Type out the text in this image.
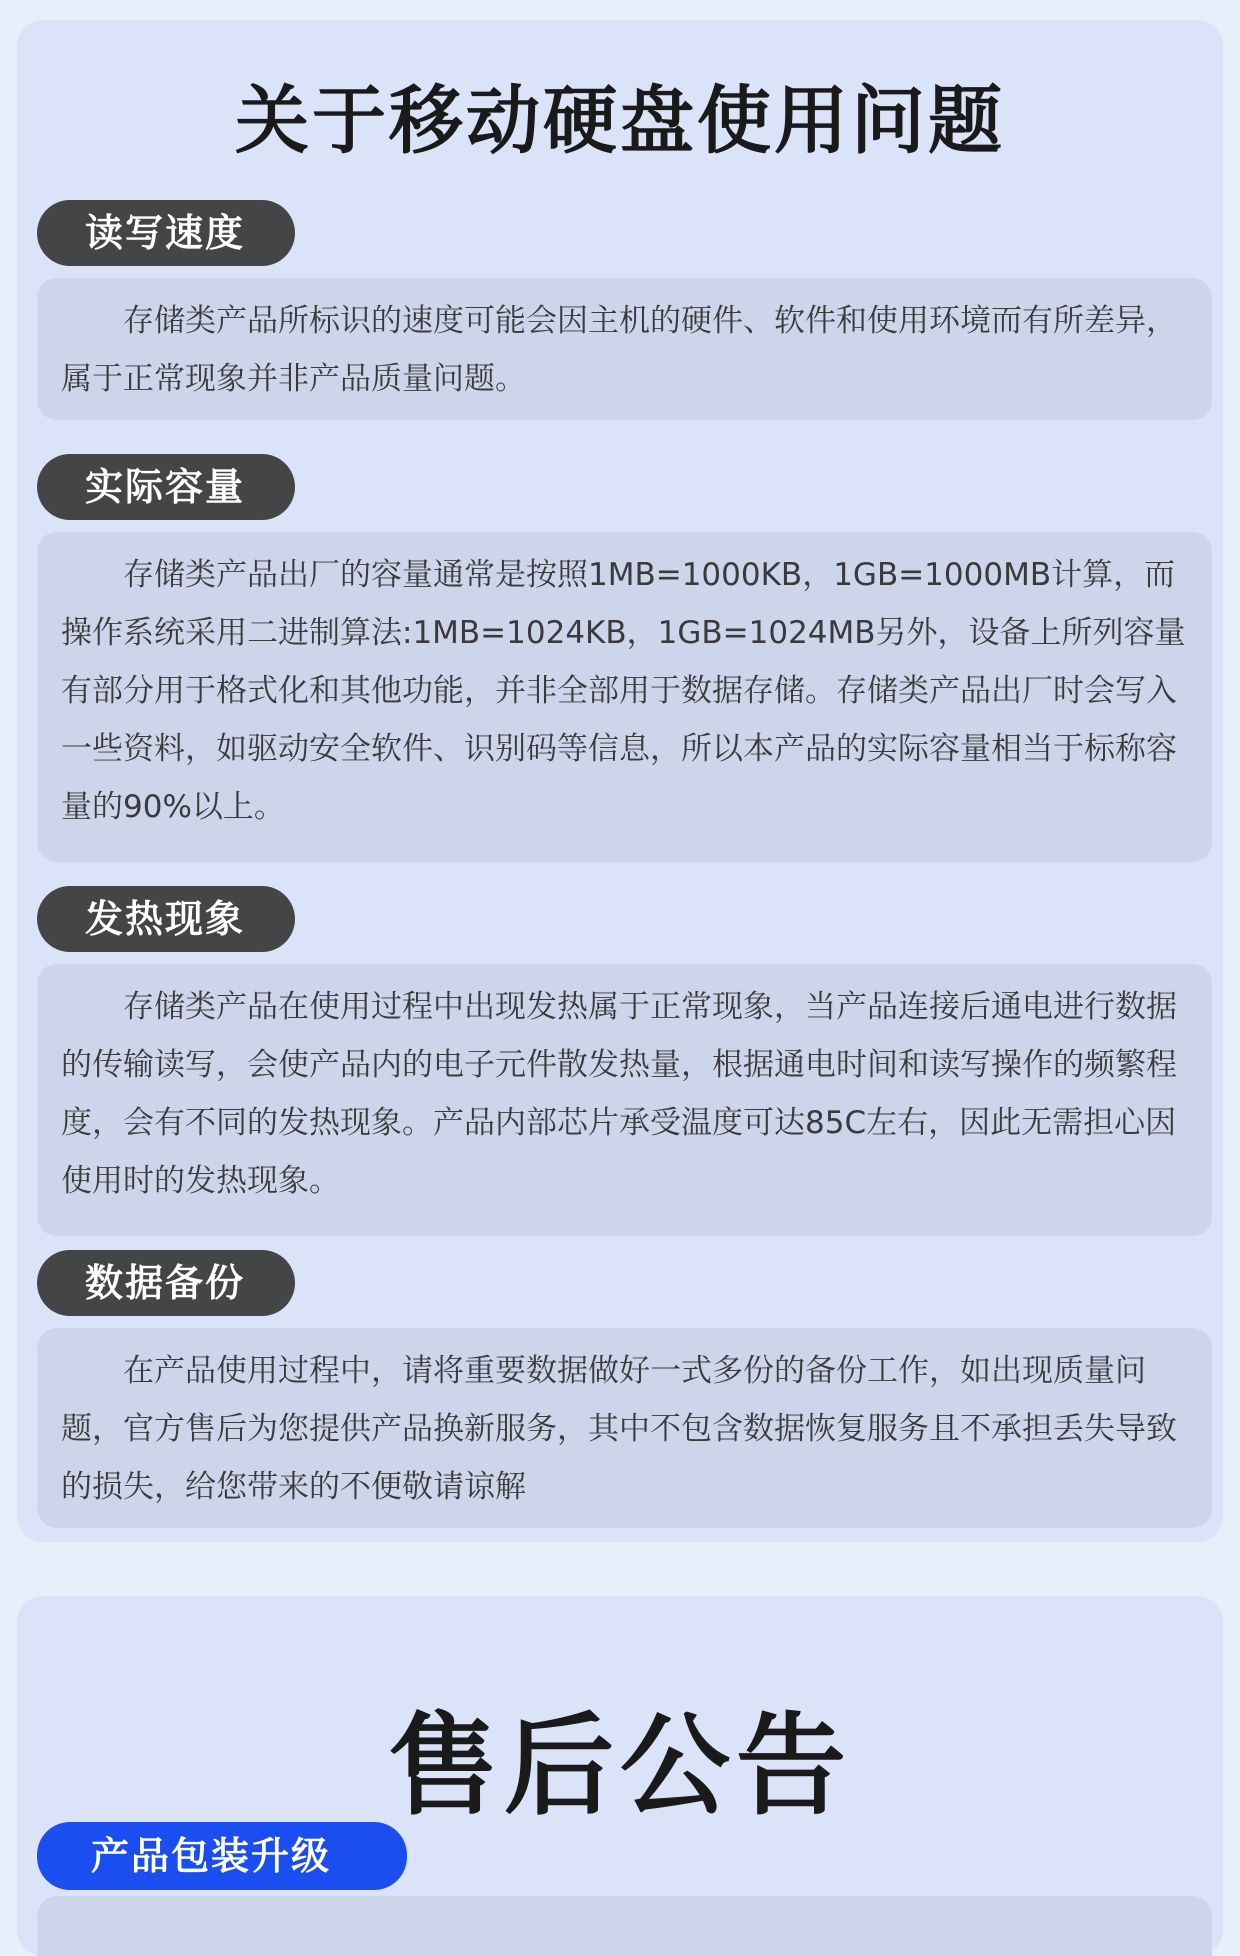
关于移动硬盘使用问题
读写速度

存储类产品所标识的速度可能会因主机的硬件、软件和使用环境而有所差异，属于正常现象并非产品质量问题。

实际容量

存储类产品出厂的容量通常是按照1MB=1000KB，1GB=1000MB计算，而操作系统采用二进制算法:1MB=1024KB，1GB=1024MB另外，设备上所列容量有部分用于格式化和其他功能，并非全部用于数据存储。存储类产品出厂时会写入一些资料，如驱动安全软件、识别码等信息，所以本产品的实际容量相当于标称容量的90%以上。

发热现象

存储类产品在使用过程中出现发热属于正常现象，当产品连接后通电进行数据的传输读写，会使产品内的电子元件散发热量，根据通电时间和读写操作的频繁程度，会有不同的发热现象。产品内部芯片承受温度可达85C左右，因此无需担心因使用时的发热现象。

数据备份

在产品使用过程中，请将重要数据做好一式多份的备份工作，如出现质量问题，官方售后为您提供产品换新服务，其中不包含数据恢复服务且不承担丢失导致的损失，给您带来的不便敬请谅解

售后公告
产品包装升级
